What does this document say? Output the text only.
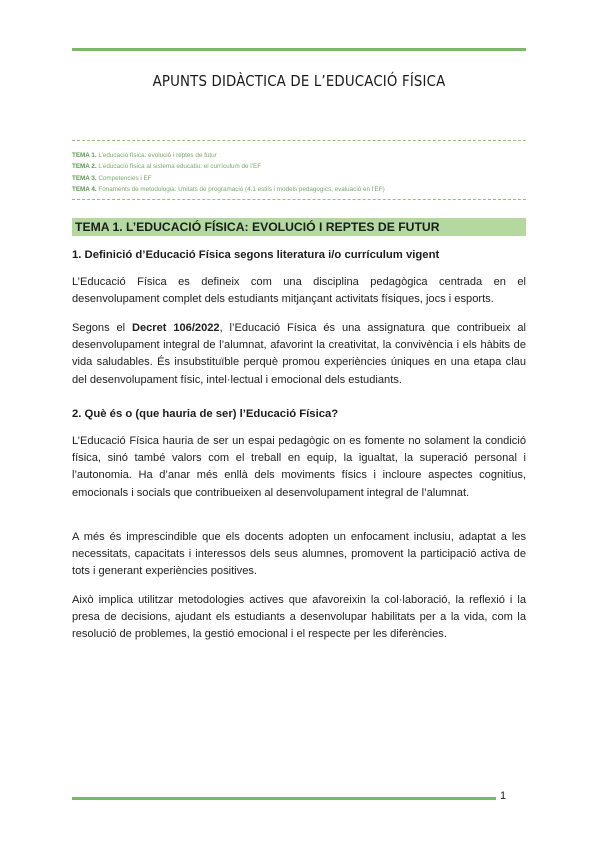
APUNTS DIDÀCTICA DE L’EDUCACIÓ FÍSICA
TEMA 1. L’educació física: evolució i reptes de futur
TEMA 2. L’educació física al sistema educatiu: el currículum de l’EF
TEMA 3. Competencies i EF
TEMA 4. Fonaments de metodologia: Unitats de programació (4.1 estils i models pedagogics, evaluació en l’EF)
TEMA 1. L’EDUCACIÓ FÍSICA: EVOLUCIÓ I REPTES DE FUTUR
1. Definició d’Educació Física segons literatura i/o currículum vigent
L’Educació Física es defineix com una disciplina pedagògica centrada en el desenvolupament complet dels estudiants mitjançant activitats físiques, jocs i esports.
Segons el Decret 106/2022, l’Educació Física és una assignatura que contribueix al desenvolupament integral de l’alumnat, afavorint la creativitat, la convivència i els hàbits de vida saludables. És insubstituïble perquè promou experiències úniques en una etapa clau del desenvolupament físic, intel·lectual i emocional dels estudiants.
2. Què és o (que hauria de ser) l’Educació Física?
L’Educació Física hauria de ser un espai pedagògic on es fomente no solament la condició física, sinó també valors com el treball en equip, la igualtat, la superació personal i l’autonomia. Ha d’anar més enllà dels moviments físics i incloure aspectes cognitius, emocionals i socials que contribueixen al desenvolupament integral de l’alumnat.
A més és imprescindible que els docents adopten un enfocament inclusiu, adaptat a les necessitats, capacitats i interessos dels seus alumnes, promovent la participació activa de tots i generant experiències positives.
Això implica utilitzar metodologies actives que afavoreixin la col·laboració, la reflexió i la presa de decisions, ajudant els estudiants a desenvolupar habilitats per a la vida, com la resolució de problemes, la gestió emocional i el respecte per les diferències.
1
